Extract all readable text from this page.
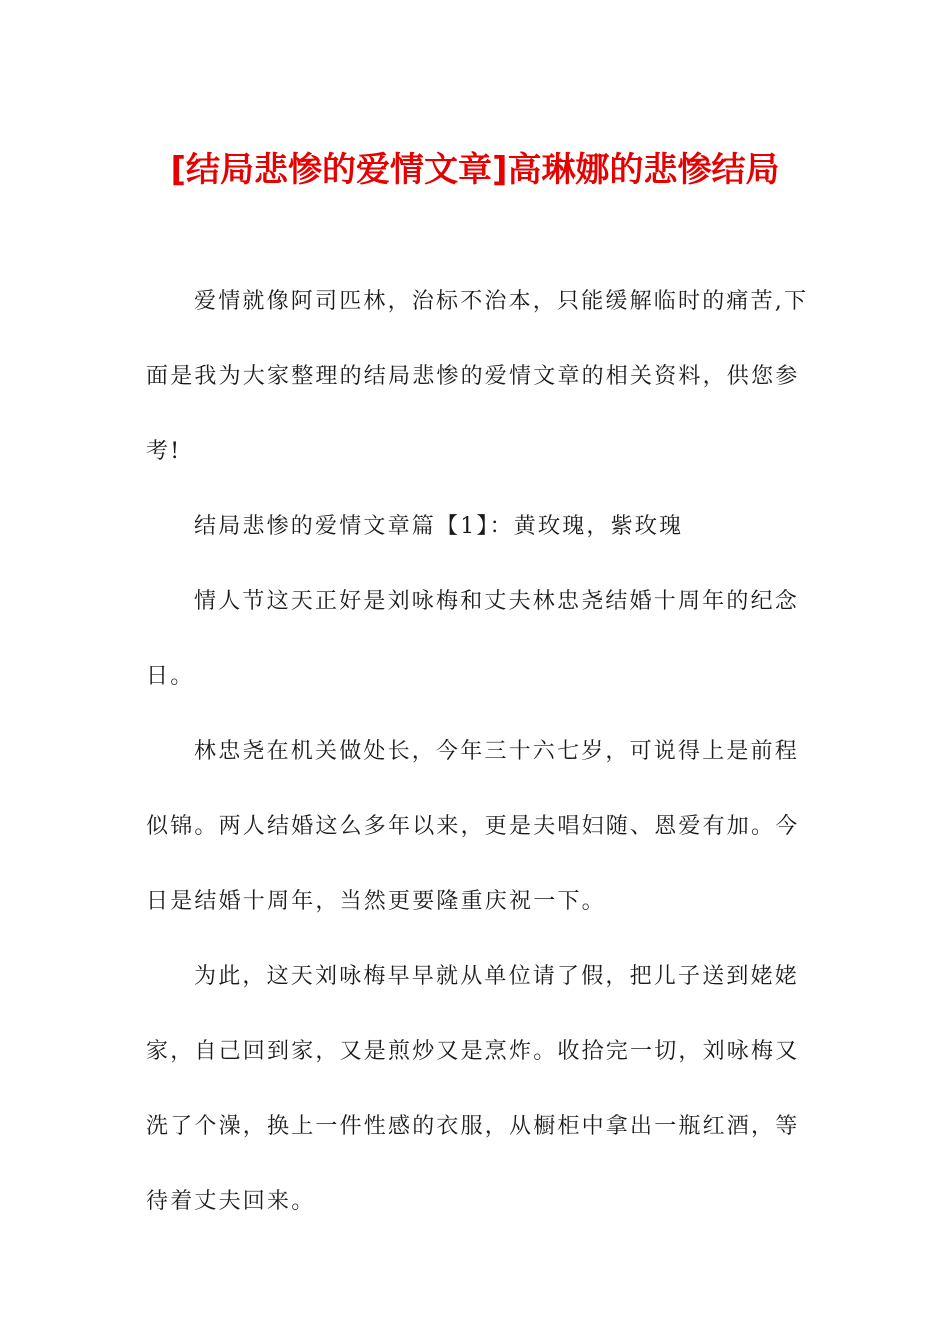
[结局悲惨的爱情文章]高琳娜的悲惨结局
爱情就像阿司匹林，治标不治本，只能缓解临时的痛苦,下
面是我为大家整理的结局悲惨的爱情文章的相关资料，供您参
考!
结局悲惨的爱情文章篇【1】：黄玫瑰，紫玫瑰
情人节这天正好是刘咏梅和丈夫林忠尧结婚十周年的纪念
日。
林忠尧在机关做处长，今年三十六七岁，可说得上是前程
似锦。两人结婚这么多年以来，更是夫唱妇随、恩爱有加。今
日是结婚十周年，当然更要隆重庆祝一下。
为此，这天刘咏梅早早就从单位请了假，把儿子送到姥姥
家，自己回到家，又是煎炒又是烹炸。收拾完一切，刘咏梅又
洗了个澡，换上一件性感的衣服，从橱柜中拿出一瓶红酒，等
待着丈夫回来。
